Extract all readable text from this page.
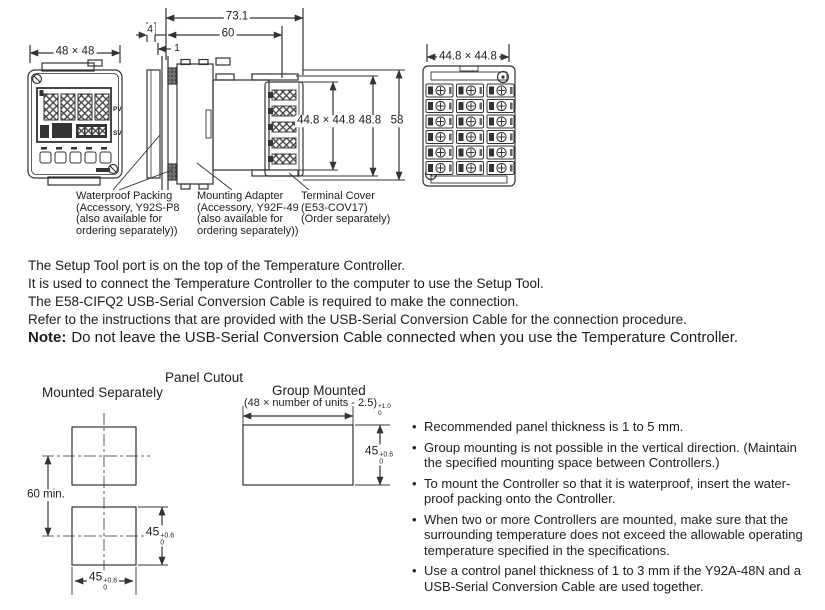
48 × 48
73.1
60
4
1
44.8 × 44.8 48.8 58
44.8 × 44.8
PV
SV
Waterproof Packing
(Accessory, Y92S-P8
(also available for
ordering separately))
Mounting Adapter
(Accessory, Y92F-49
(also available for
ordering separately))
Terminal Cover
(E53-COV17)
(Order separately)
The Setup Tool port is on the top of the Temperature Controller.
It is used to connect the Temperature Controller to the computer to use the Setup Tool.
The E58-CIFQ2 USB-Serial Conversion Cable is required to make the connection.
Refer to the instructions that are provided with the USB-Serial Conversion Cable for the connection procedure.
Note: Do not leave the USB-Serial Conversion Cable connected when you use the Temperature Controller.
Panel Cutout
Mounted Separately	Group Mounted
(48 × number of units - 2.5) +1.0
0
60 min.
45 +0.6
0
45 +0.6
0
45 +0.6
0
• Recommended panel thickness is 1 to 5 mm.
• Group mounting is not possible in the vertical direction. (Maintain
the specified mounting space between Controllers.)
• To mount the Controller so that it is waterproof, insert the water-
proof packing onto the Controller.
• When two or more Controllers are mounted, make sure that the
surrounding temperature does not exceed the allowable operating
temperature specified in the specifications.
• Use a control panel thickness of 1 to 3 mm if the Y92A-48N and a
USB-Serial Conversion Cable are used together.
